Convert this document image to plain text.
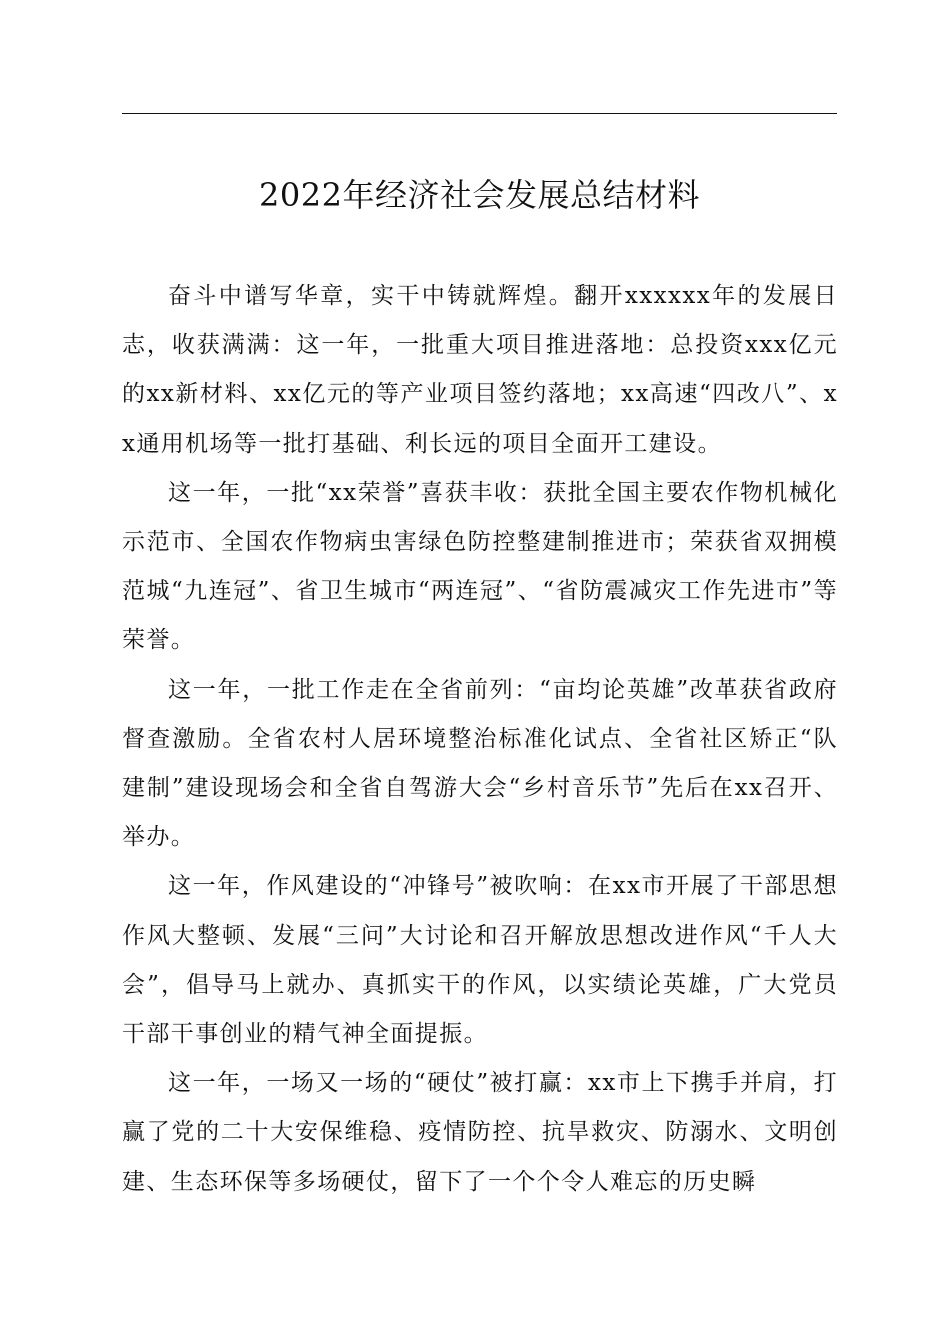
2022年经济社会发展总结材料

奋斗中谱写华章，实干中铸就辉煌。翻开xxxxxx年的发展日志，收获满满：这一年，一批重大项目推进落地：总投资xxx亿元的xx新材料、xx亿元的等产业项目签约落地；xx高速“四改八”、xx通用机场等一批打基础、利长远的项目全面开工建设。

这一年，一批“xx荣誉”喜获丰收：获批全国主要农作物机械化示范市、全国农作物病虫害绿色防控整建制推进市；荣获省双拥模范城“九连冠”、省卫生城市“两连冠”、“省防震减灾工作先进市”等荣誉。

这一年，一批工作走在全省前列：“亩均论英雄”改革获省政府督查激励。全省农村人居环境整治标准化试点、全省社区矫正“队建制”建设现场会和全省自驾游大会“乡村音乐节”先后在xx召开、举办。

这一年，作风建设的“冲锋号”被吹响：在xx市开展了干部思想作风大整顿、发展“三问”大讨论和召开解放思想改进作风“千人大会”，倡导马上就办、真抓实干的作风，以实绩论英雄，广大党员干部干事创业的精气神全面提振。

这一年，一场又一场的“硬仗”被打赢：xx市上下携手并肩，打赢了党的二十大安保维稳、疫情防控、抗旱救灾、防溺水、文明创建、生态环保等多场硬仗，留下了一个个令人难忘的历史瞬
